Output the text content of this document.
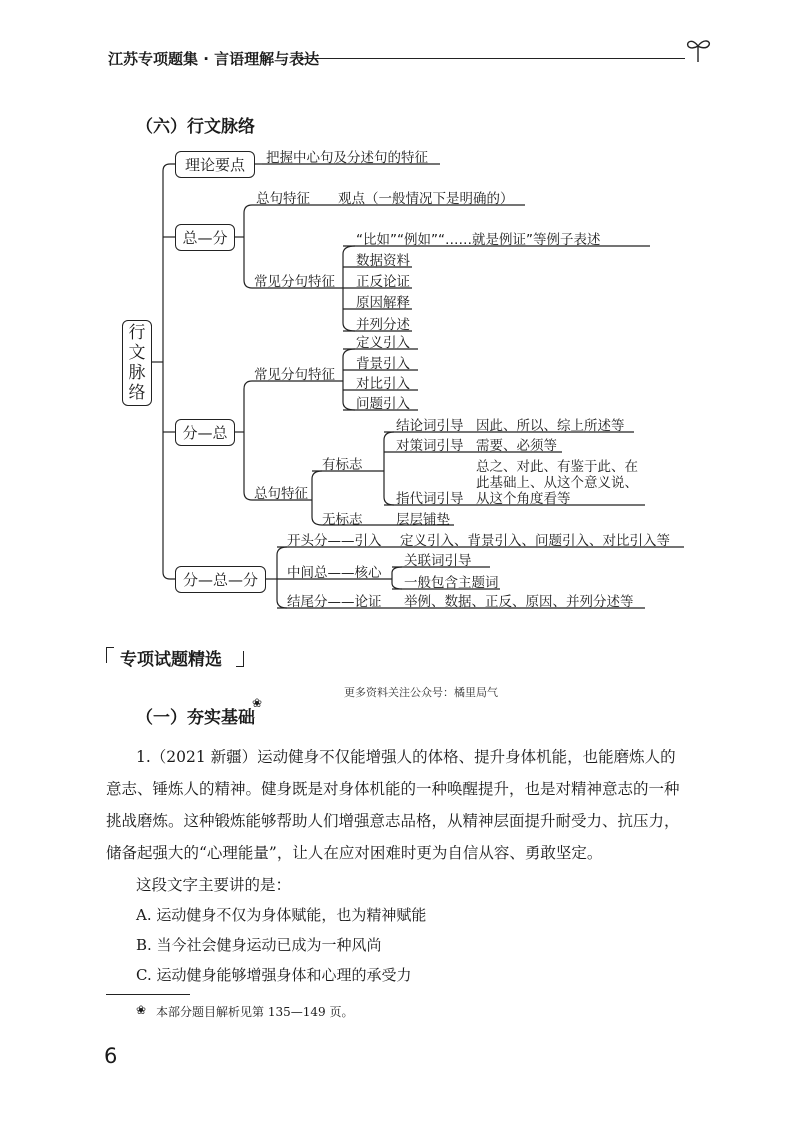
江苏专项题集 · 言语理解与表达
（六）行文脉络
行文脉络
理论要点
总—分
分—总
分—总—分
把握中心句及分述句的特征
总句特征 观点（一般情况下是明确的）
常见分句特征
“比如”“例如”“……就是例证”等例子表述
数据资料
正反论证
原因解释
并列分述
常见分句特征
定义引入
背景引入
对比引入
问题引入
总句特征
有标志
结论词引导 因此、所以、综上所述等
对策词引导 需要、必须等
指代词引导
总之、对此、有鉴于此、在
此基础上、从这个意义说、
从这个角度看等
无标志 层层铺垫
开头分——引入 定义引入、背景引入、问题引入、对比引入等
中间总——核心
关联词引导
一般包含主题词
结尾分——论证 举例、数据、正反、原因、并列分述等
专项试题精选
更多资料关注公众号：橘里局气
（一）夯实基础
❀
1.（2021 新疆）运动健身不仅能增强人的体格、提升身体机能，也能磨炼人的
意志、锤炼人的精神。健身既是对身体机能的一种唤醒提升，也是对精神意志的一种
挑战磨炼。这种锻炼能够帮助人们增强意志品格，从精神层面提升耐受力、抗压力，
储备起强大的“心理能量”，让人在应对困难时更为自信从容、勇敢坚定。
这段文字主要讲的是：
A. 运动健身不仅为身体赋能，也为精神赋能
B. 当今社会健身运动已成为一种风尚
C. 运动健身能够增强身体和心理的承受力
❀ 本部分题目解析见第 135—149 页。
6
